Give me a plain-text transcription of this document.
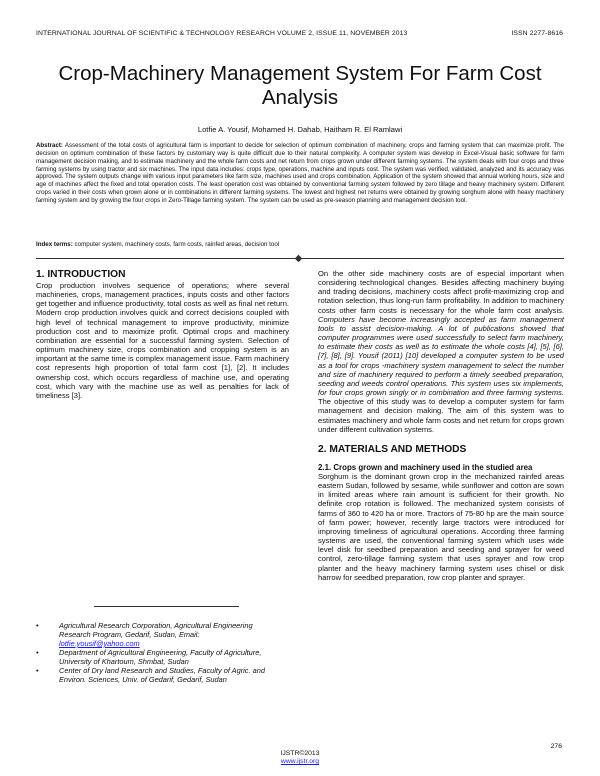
INTERNATIONAL JOURNAL OF SCIENTIFIC & TECHNOLOGY RESEARCH VOLUME 2, ISSUE 11, NOVEMBER 2013	ISSN 2277-8616
Crop-Machinery Management System For Farm Cost Analysis
Lotfie A. Yousif, Mohamed H. Dahab, Haitham R. El Ramlawi

Abstract: Assessment of the total costs of agricultural farm is important to decide for selection of optimum combination of machinery, crops and farming system that can maximize profit. The decision on optimum combination of these factors by customary way is quite difficult due to their natural complexity. A computer system was develop in Excel-Visual basic software for farm management decision making, and to estimate machinery and the whole farm costs and net return from crops grown under different farming systems. The system deals with four crops and three farming systems by using tractor and six machines. The input data includes: crops type, operations, machine and inputs cost. The system was verified, validated, analyzed and its accuracy was approved. The system outputs change with various input parameters like farm size, machines used and crops combination. Application of the system showed that annual working hours, size and age of machines affect the fixed and total operation costs. The least operation cost was obtained by conventional farming system followed by zero tillage and heavy machinery system. Different crops varied in their costs when grown alone or in combinations in different farming systems. The lowest and highest net returns were obtained by growing sorghum alone with heavy machinery farming system and by growing the four crops in Zero-Tillage farming system. The system can be used as pre-season planning and management decision tool.

Index terms: computer system, machinery costs, farm costs, rainfed areas, decision tool
1. INTRODUCTION

Crop production involves sequence of operations; where several machineries, crops, management practices, inputs costs and other factors get together and influence productivity, total costs as well as final net return. Modern crop production involves quick and correct decisions coupled with high level of technical management to improve productivity, minimize production cost and to maximize profit. Optimal crops and machinery combination are essential for a successful farming system. Selection of optimum machinery size, crops combination and cropping system is an important at the same time is complex management issue. Farm machinery cost represents high proportion of total farm cost [1], [2]. It includes ownership cost, which occurs regardless of machine use, and operating cost, which vary with the machine use as well as penalties for lack of timeliness [3].

•	Agricultural Research Corporation, Agricultural Engineering Research Program, Gedarif, Sudan, Email: lotfie.yousif@yahoo.com
•	Department of Agricultural Engineering, Faculty of Agriculture, University of Khartoum, Shmbat, Sudan
•	Center of Dry land Research and Studies, Faculty of Agric. and Environ. Sciences, Univ. of Gedarif, Gedarif, Sudan

On the other side machinery costs are of especial important when considering technological changes. Besides affecting machinery buying and trading decisions, machinery costs affect profit-maximizing crop and rotation selection, thus long-run farm profitability. In addition to machinery costs other farm costs is necessary for the whole farm cost analysis. Computers have become increasingly accepted as farm management tools to assist decision-making. A lot of publications showed that computer programmes were used successfully to select farm machinery, to estimate their costs as well as to estimate the whole costs [4], [5], [6], [7], [8], [9]. Yousif (2011) [10] developed a computer system to be used as a tool for crops -machinery system management to select the number and size of machinery required to perform a timely seedbed preparation, seeding and weeds control operations. This system uses six implements, for four crops grown singly or in combination and three farming systems. The objective of this study was to develop a computer system for farm management and decision making. The aim of this system was to estimates machinery and whole farm costs and net return for crops grown under different cultivation systems.

2. MATERIALS AND METHODS
2.1. Crops grown and machinery used in the studied area

Sorghum is the dominant grown crop in the mechanized rainfed areas eastern Sudan, followed by sesame, while sunflower and cotton are sown in limited areas where rain amount is sufficient for their growth. No definite crop rotation is followed. The mechanized system consists of farms of 360 to 420 ha or more. Tractors of 75-80 hp are the main source of farm power; however, recently large tractors were introduced for improving timeliness of agricultural operations. According three farming systems are used, the conventional farming system which uses wide level disk for seedbed preparation and seeding and sprayer for weed control, zero-tillage farming system that uses sprayer and row crop planter and the heavy machinery farming system uses chisel or disk harrow for seedbed preparation, row crop planter and sprayer.

276
IJSTR©2013
www.ijstr.org
